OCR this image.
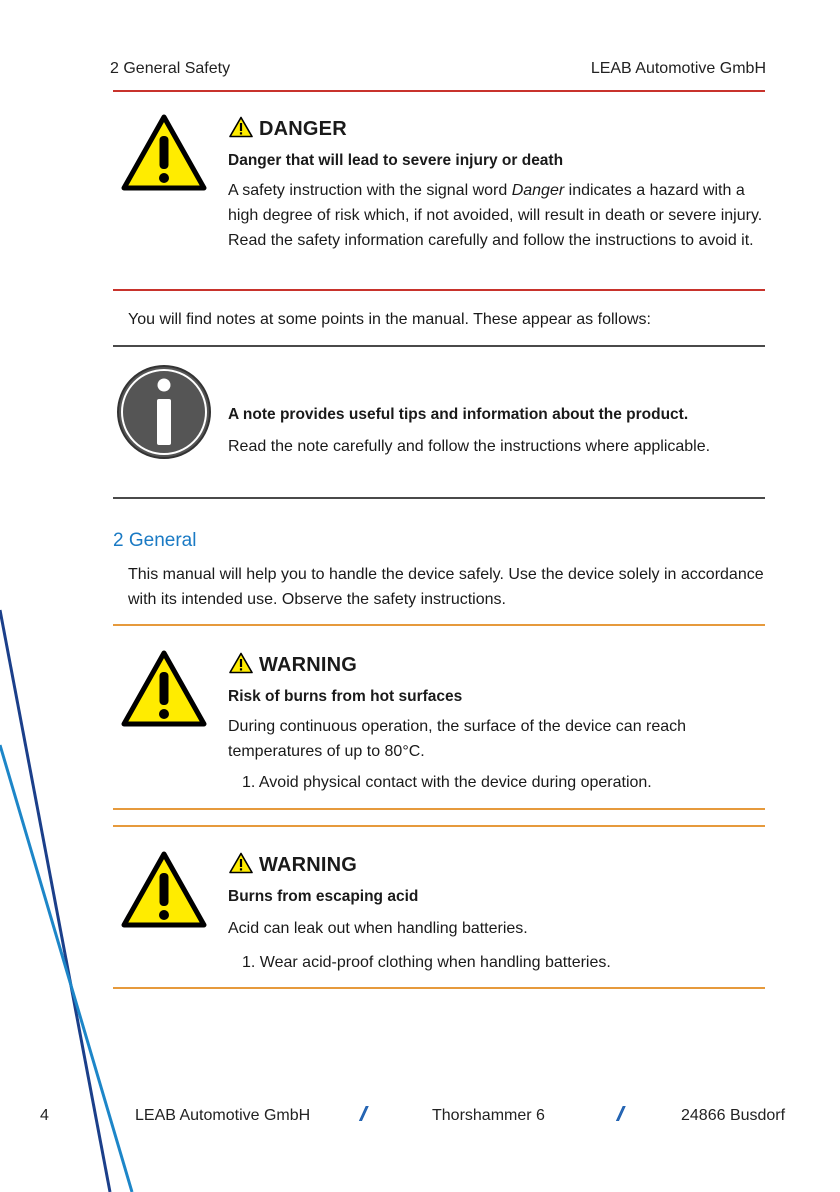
2 General Safety	LEAB Automotive GmbH
DANGER
Danger that will lead to severe injury or death
A safety instruction with the signal word Danger indicates a hazard with a high degree of risk which, if not avoided, will result in death or severe injury. Read the safety information carefully and follow the instructions to avoid it.
You will find notes at some points in the manual. These appear as follows:
A note provides useful tips and information about the product.
Read the note carefully and follow the instructions where applicable.
2 General
This manual will help you to handle the device safely. Use the device solely in accordance with its intended use. Observe the safety instructions.
WARNING
Risk of burns from hot surfaces
During continuous operation, the surface of the device can reach temperatures of up to 80°C.
1. Avoid physical contact with the device during operation.
WARNING
Burns from escaping acid
Acid can leak out when handling batteries.
1. Wear acid-proof clothing when handling batteries.
4	LEAB Automotive GmbH //	Thorshammer 6	//	24866 Busdorf
